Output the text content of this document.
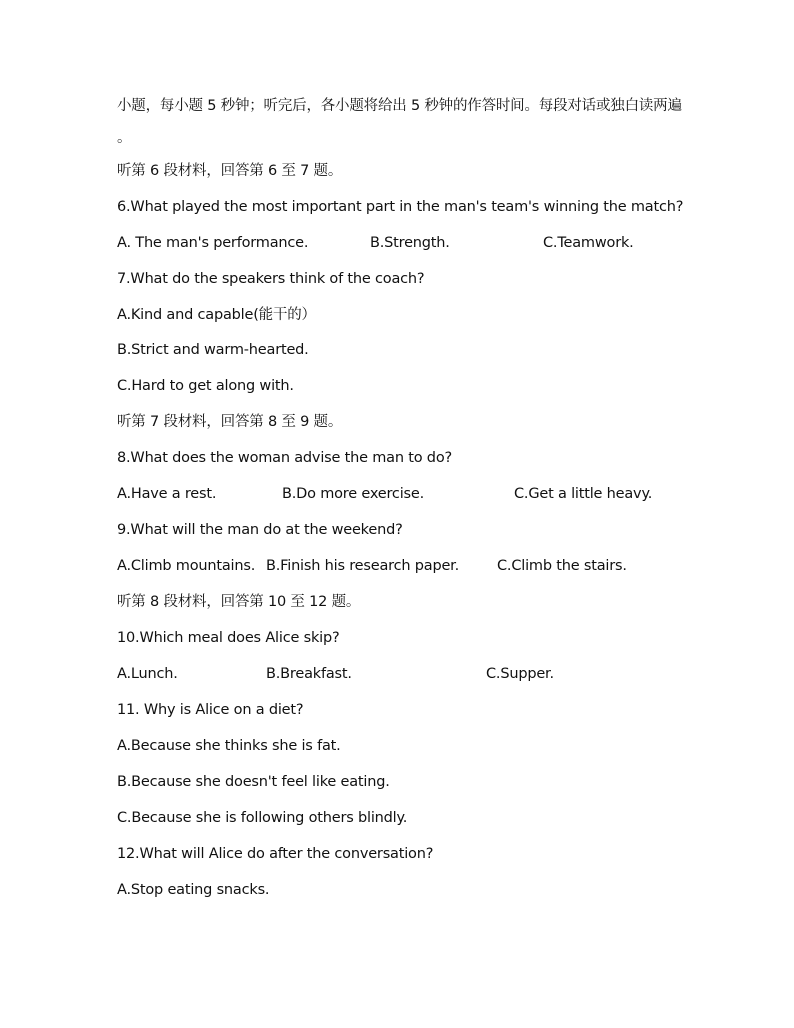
小题，每小题 5 秒钟；听完后，各小题将给出 5 秒钟的作答时间。每段对话或独白读两遍
。
听第 6 段材料，回答第 6 至 7 题。
6.What played the most important part in the man's team's winning the match?
A. The man's performance.	B.Strength.	C.Teamwork.
7.What do the speakers think of the coach?
A.Kind and capable(能干的）
B.Strict and warm-hearted.
C.Hard to get along with.
听第 7 段材料，回答第 8 至 9 题。
8.What does the woman advise the man to do?
A.Have a rest.	B.Do more exercise.	C.Get a little heavy.
9.What will the man do at the weekend?
A.Climb mountains. B.Finish his research paper.	C.Climb the stairs.
听第 8 段材料，回答第 10 至 12 题。
10.Which meal does Alice skip?
A.Lunch.	B.Breakfast.	C.Supper.
11. Why is Alice on a diet?
A.Because she thinks she is fat.
B.Because she doesn't feel like eating.
C.Because she is following others blindly.
12.What will Alice do after the conversation?
A.Stop eating snacks.
